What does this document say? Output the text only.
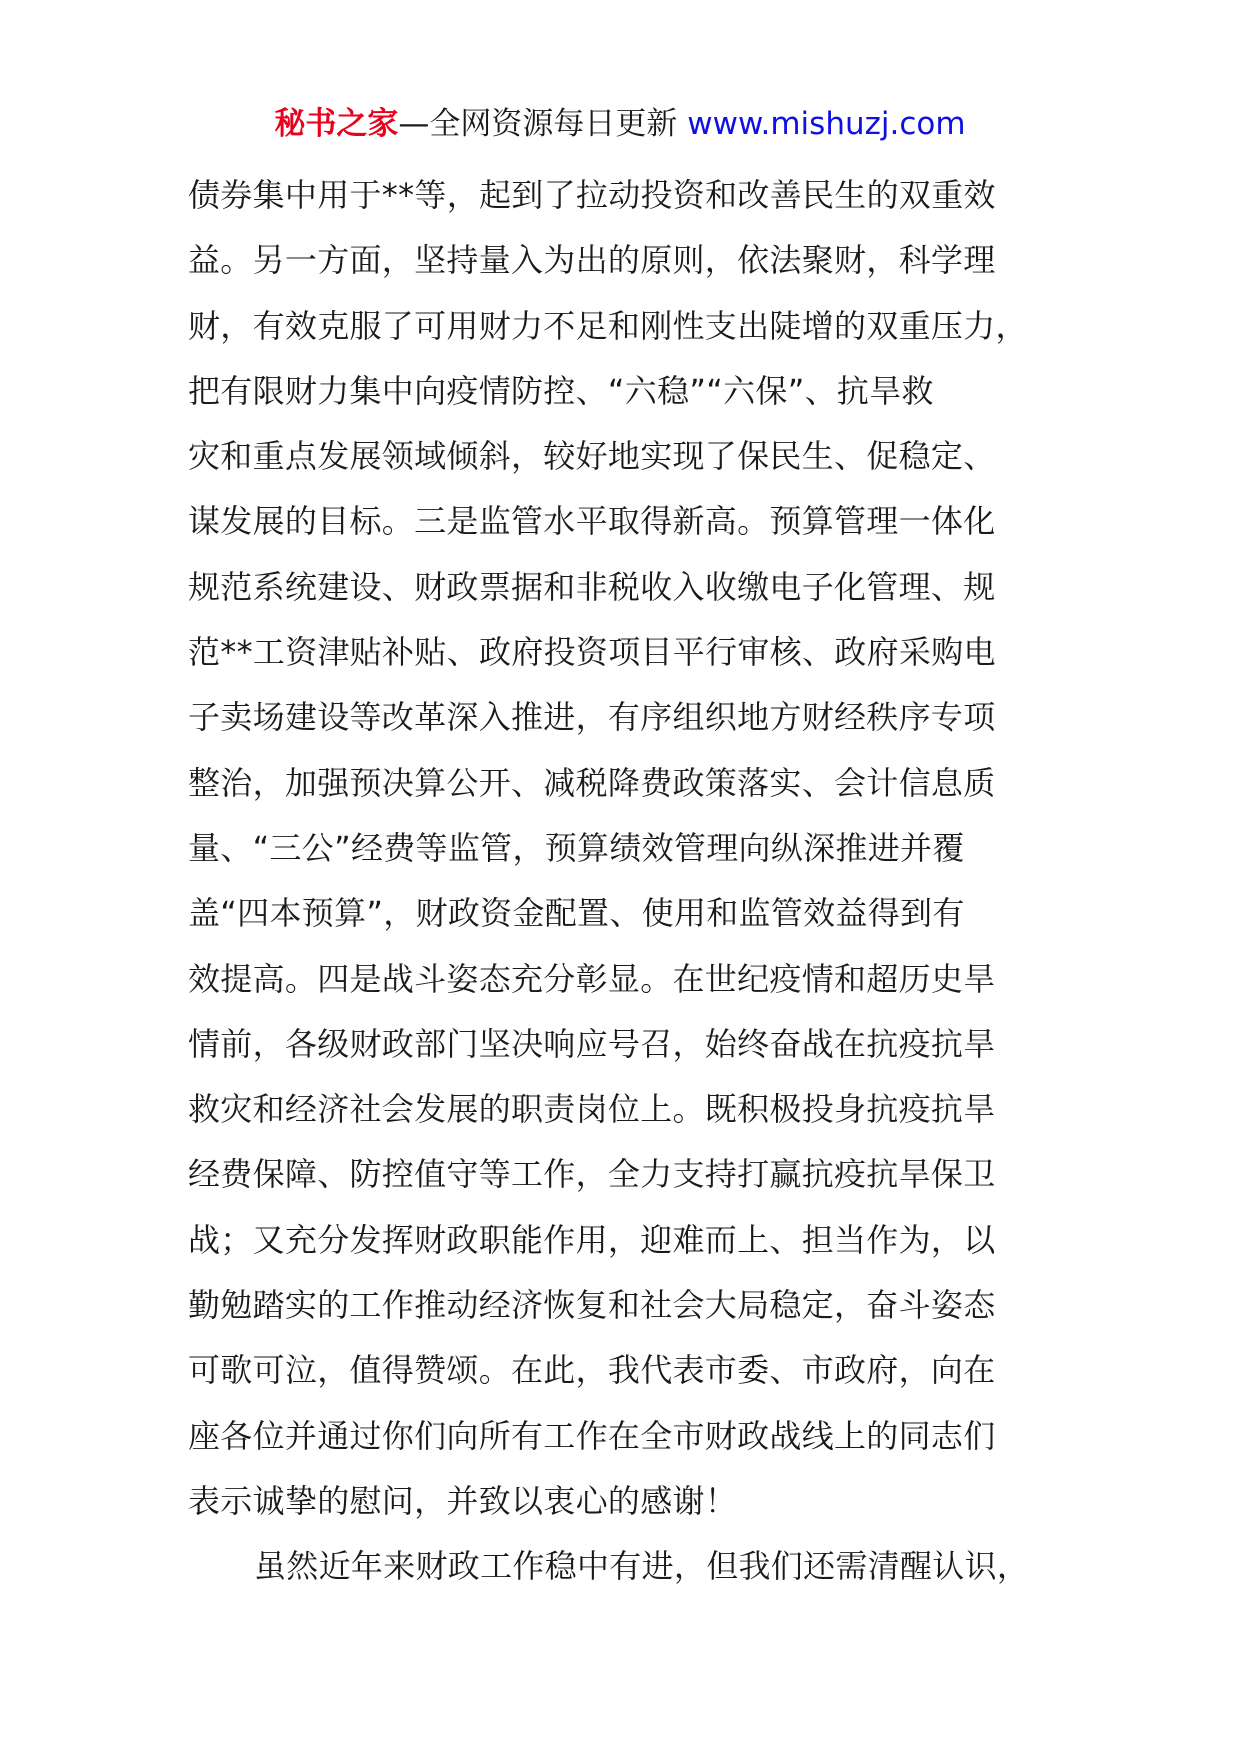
秘书之家—全网资源每日更新 www.mishuzj.com
债券集中用于**等，起到了拉动投资和改善民生的双重效
益。另一方面，坚持量入为出的原则，依法聚财，科学理
财，有效克服了可用财力不足和刚性支出陡增的双重压力，
把有限财力集中向疫情防控、“六稳”“六保”、抗旱救
灾和重点发展领域倾斜，较好地实现了保民生、促稳定、
谋发展的目标。三是监管水平取得新高。预算管理一体化
规范系统建设、财政票据和非税收入收缴电子化管理、规
范**工资津贴补贴、政府投资项目平行审核、政府采购电
子卖场建设等改革深入推进，有序组织地方财经秩序专项
整治，加强预决算公开、减税降费政策落实、会计信息质
量、“三公”经费等监管，预算绩效管理向纵深推进并覆
盖“四本预算”，财政资金配置、使用和监管效益得到有
效提高。四是战斗姿态充分彰显。在世纪疫情和超历史旱
情前，各级财政部门坚决响应号召，始终奋战在抗疫抗旱
救灾和经济社会发展的职责岗位上。既积极投身抗疫抗旱
经费保障、防控值守等工作，全力支持打赢抗疫抗旱保卫
战；又充分发挥财政职能作用，迎难而上、担当作为，以
勤勉踏实的工作推动经济恢复和社会大局稳定，奋斗姿态
可歌可泣，值得赞颂。在此，我代表市委、市政府，向在
座各位并通过你们向所有工作在全市财政战线上的同志们
表示诚挚的慰问，并致以衷心的感谢！
虽然近年来财政工作稳中有进，但我们还需清醒认识，
